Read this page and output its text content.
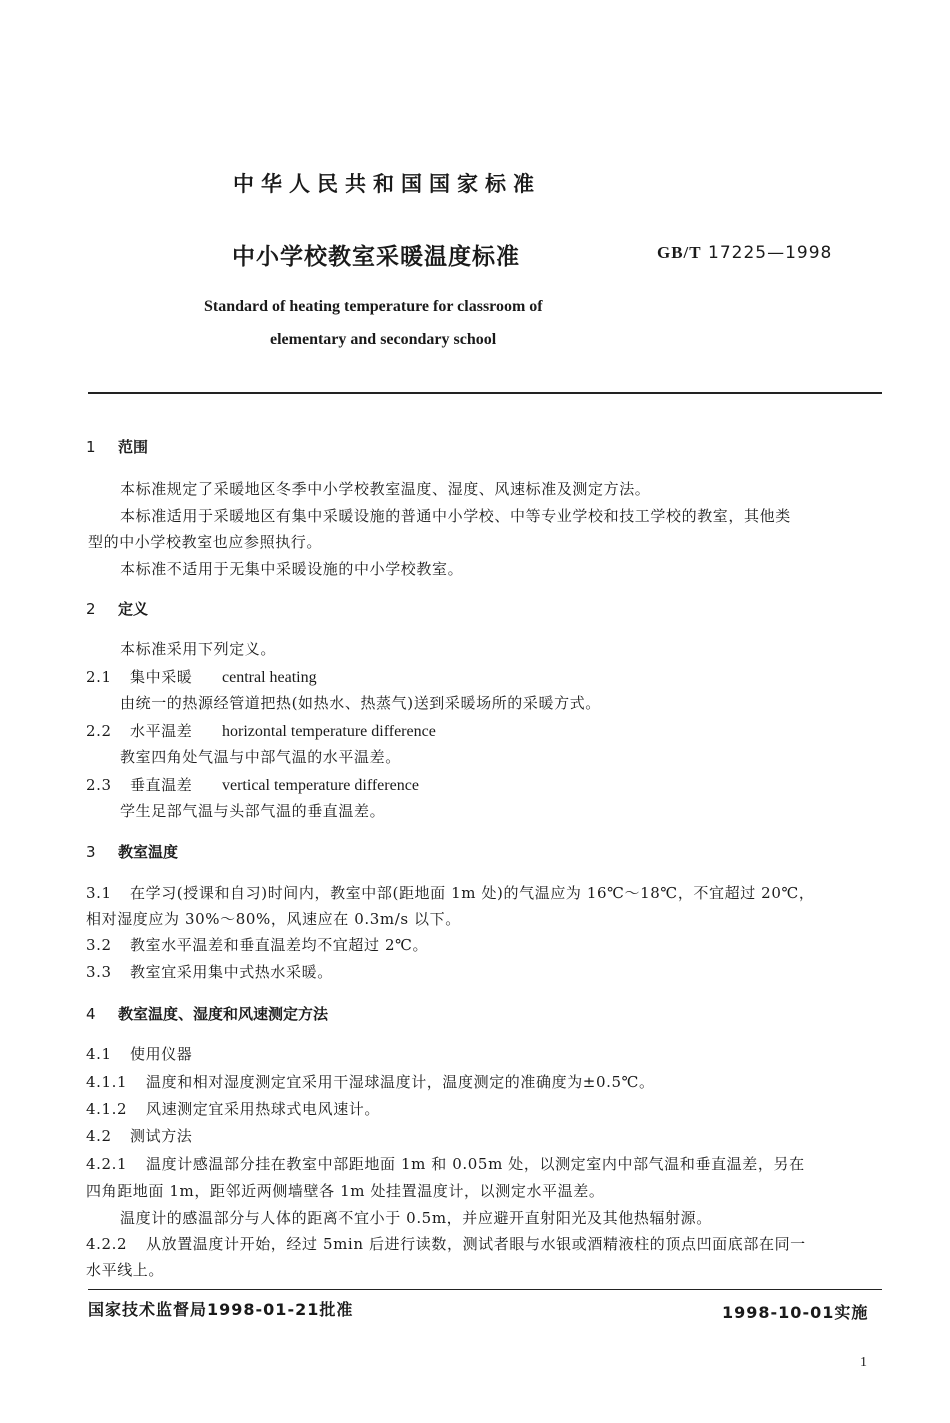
中华人民共和国国家标准
中小学校教室采暖温度标准	GB/T 17225—1998
Standard of heating temperature for classroom of
elementary and secondary school
1 范围
本标准规定了采暖地区冬季中小学校教室温度、湿度、风速标准及测定方法。
本标准适用于采暖地区有集中采暖设施的普通中小学校、中等专业学校和技工学校的教室，其他类
型的中小学校教室也应参照执行。
本标准不适用于无集中采暖设施的中小学校教室。
2 定义
本标准采用下列定义。
2.1 集中采暖 central heating
由统一的热源经管道把热(如热水、热蒸气)送到采暖场所的采暖方式。
2.2 水平温差 horizontal temperature difference
教室四角处气温与中部气温的水平温差。
2.3 垂直温差 vertical temperature difference
学生足部气温与头部气温的垂直温差。
3 教室温度
3.1 在学习(授课和自习)时间内，教室中部(距地面 1m 处)的气温应为 16℃～18℃，不宜超过 20℃，
相对湿度应为 30%～80%，风速应在 0.3m/s 以下。
3.2 教室水平温差和垂直温差均不宜超过 2℃。
3.3 教室宜采用集中式热水采暖。
4 教室温度、湿度和风速测定方法
4.1 使用仪器
4.1.1 温度和相对湿度测定宜采用干湿球温度计，温度测定的准确度为±0.5℃。
4.1.2 风速测定宜采用热球式电风速计。
4.2 测试方法
4.2.1 温度计感温部分挂在教室中部距地面 1m 和 0.05m 处，以测定室内中部气温和垂直温差，另在
四角距地面 1m，距邻近两侧墙壁各 1m 处挂置温度计，以测定水平温差。
温度计的感温部分与人体的距离不宜小于 0.5m，并应避开直射阳光及其他热辐射源。
4.2.2 从放置温度计开始，经过 5min 后进行读数，测试者眼与水银或酒精液柱的顶点凹面底部在同一
水平线上。
国家技术监督局1998-01-21批准	1998-10-01实施
1
